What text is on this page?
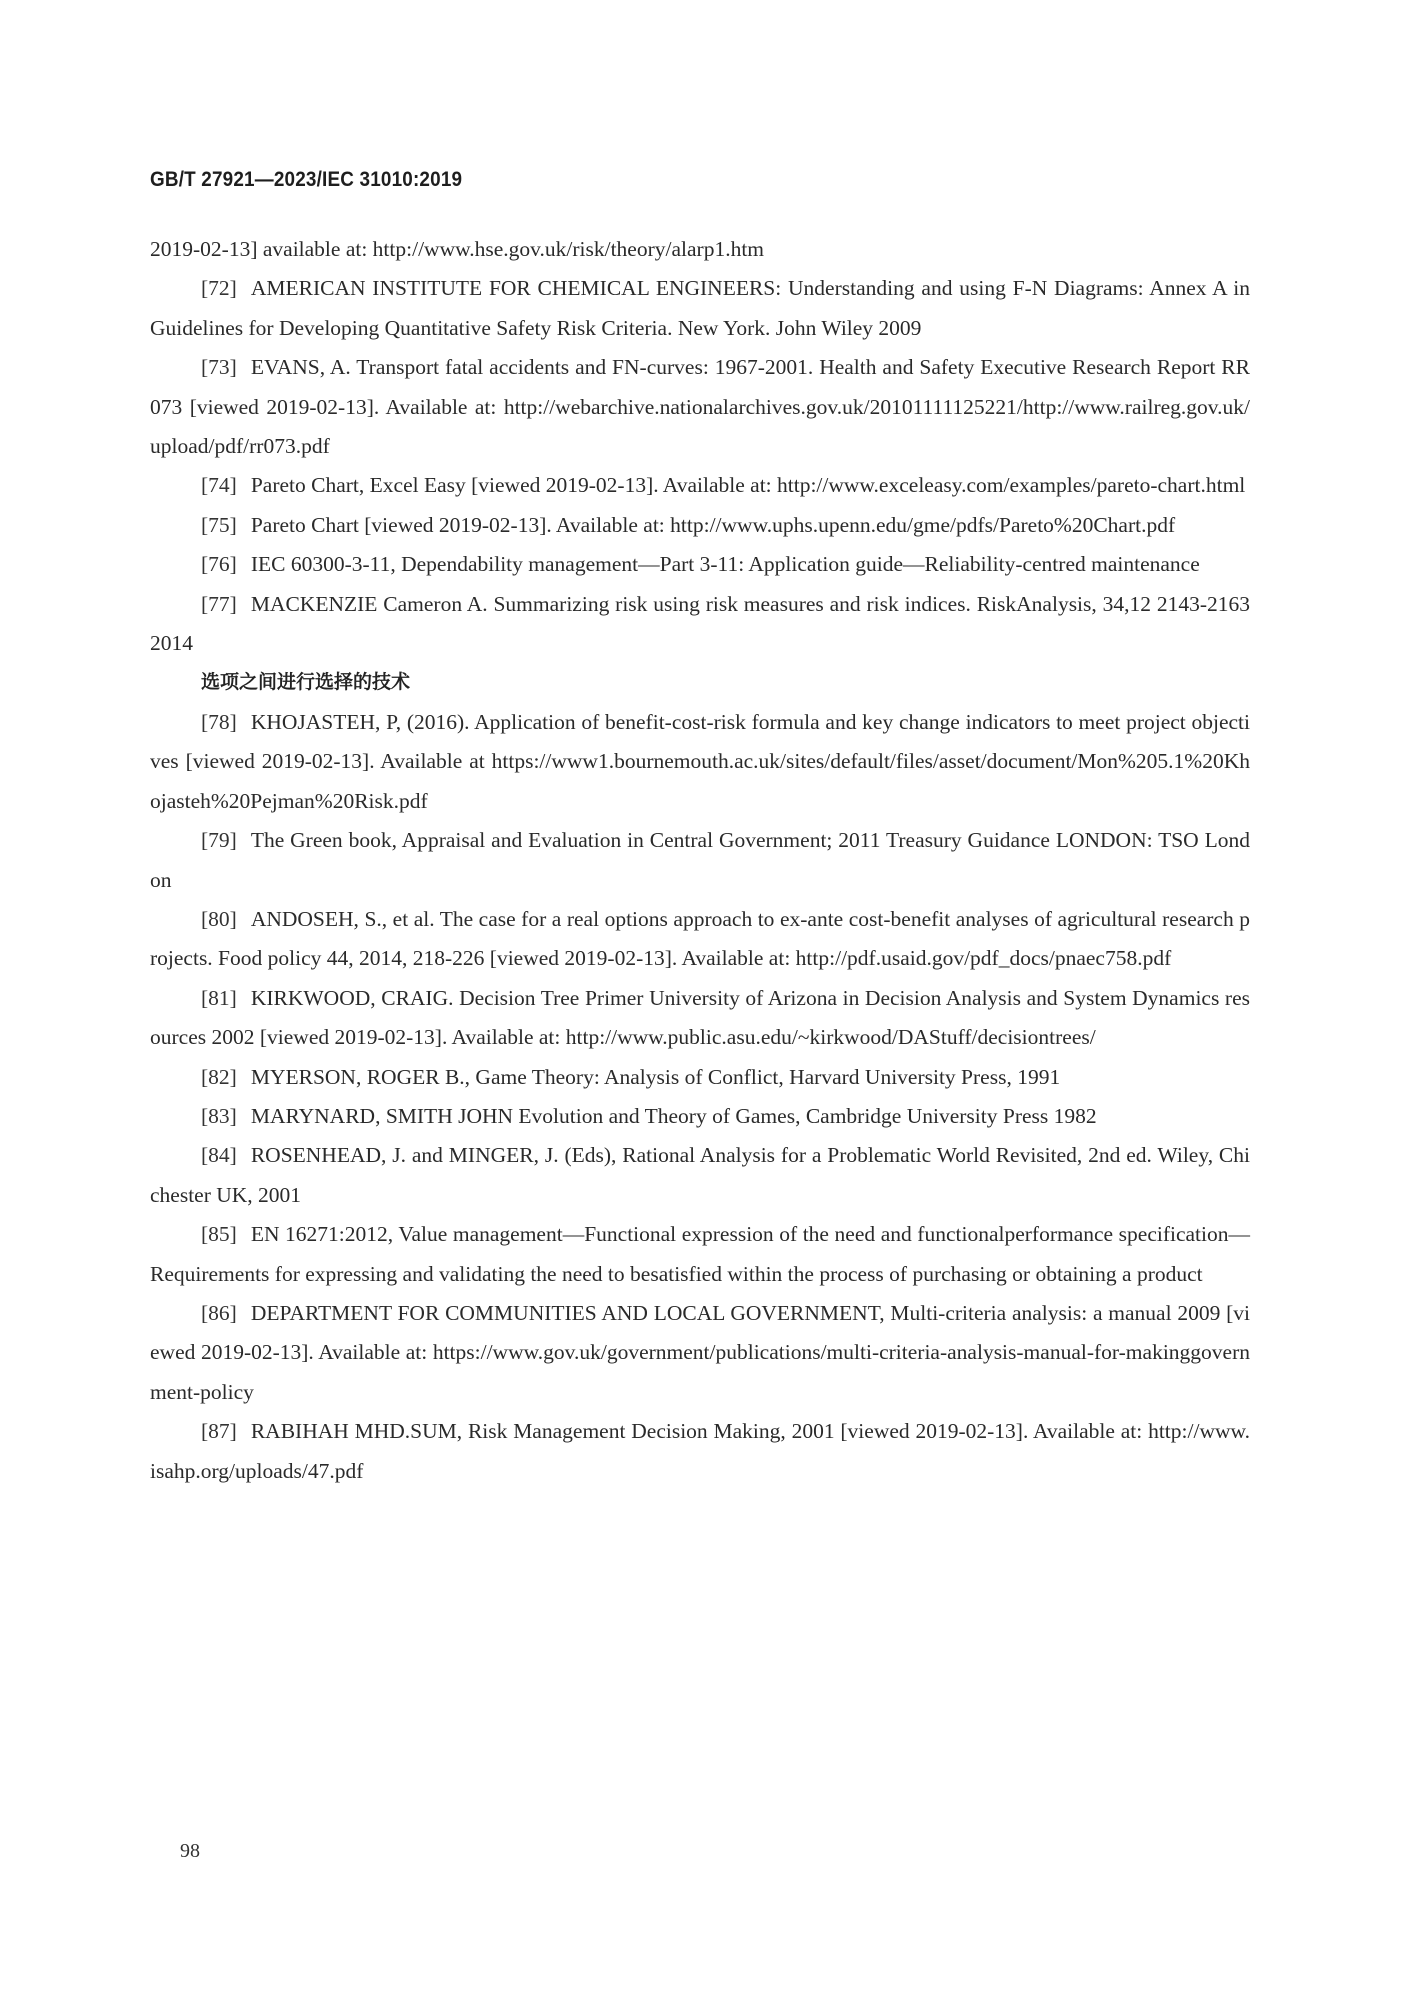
GB/T 27921—2023/IEC 31010:2019

2019-02-13] available at: http://www.hse.gov.uk/risk/theory/alarp1.htm

[72] AMERICAN INSTITUTE FOR CHEMICAL ENGINEERS: Understanding and using F-N Diagrams: Annex A in Guidelines for Developing Quantitative Safety Risk Criteria. New York. John Wiley 2009

[73] EVANS, A. Transport fatal accidents and FN-curves: 1967-2001. Health and Safety Executive Research Report RR 073 [viewed 2019-02-13]. Available at: http://webarchive.nationalarchives.gov.uk/20101111125221/http://www.railreg.gov.uk/upload/pdf/rr073.pdf

[74] Pareto Chart, Excel Easy [viewed 2019-02-13]. Available at: http://www.exceleasy.com/examples/pareto-chart.html

[75] Pareto Chart [viewed 2019-02-13]. Available at: http://www.uphs.upenn.edu/gme/pdfs/Pareto%20Chart.pdf

[76] IEC 60300-3-11, Dependability management—Part 3-11: Application guide—Reliability-centred maintenance

[77] MACKENZIE Cameron A. Summarizing risk using risk measures and risk indices. RiskAnalysis, 34,12 2143-2163 2014

选项之间进行选择的技术

[78] KHOJASTEH, P, (2016). Application of benefit-cost-risk formula and key change indicators to meet project objectives [viewed 2019-02-13]. Available at https://www1.bournemouth.ac.uk/sites/default/files/asset/document/Mon%205.1%20Kh ojasteh%20Pejman%20Risk.pdf

[79] The Green book, Appraisal and Evaluation in Central Government; 2011 Treasury Guidance LONDON: TSO London

[80] ANDOSEH, S., et al. The case for a real options approach to ex-ante cost-benefit analyses of agricultural research projects. Food policy 44, 2014, 218-226 [viewed 2019-02-13]. Available at: http://pdf.usaid.gov/pdf_docs/pnaec758.pdf

[81] KIRKWOOD, CRAIG. Decision Tree Primer University of Arizona in Decision Analysis and System Dynamics resources 2002 [viewed 2019-02-13]. Available at: http://www.public.asu.edu/~kirkwood/DAStuff/decisiontrees/

[82] MYERSON, ROGER B., Game Theory: Analysis of Conflict, Harvard University Press, 1991

[83] MARYNARD, SMITH JOHN Evolution and Theory of Games, Cambridge University Press 1982

[84] ROSENHEAD, J. and MINGER, J. (Eds), Rational Analysis for a Problematic World Revisited, 2nd ed. Wiley, Chichester UK, 2001

[85] EN 16271:2012, Value management—Functional expression of the need and functionalperformance specification—Requirements for expressing and validating the need to besatisfied within the process of purchasing or obtaining a product

[86] DEPARTMENT FOR COMMUNITIES AND LOCAL GOVERNMENT, Multi-criteria analysis: a manual 2009 [viewed 2019-02-13]. Available at: https://www.gov.uk/government/publications/multi-criteria-analysis-manual-for-makinggovernment-policy

[87] RABIHAH MHD.SUM, Risk Management Decision Making, 2001 [viewed 2019-02-13]. Available at: http://www.isahp.org/uploads/47.pdf

98
